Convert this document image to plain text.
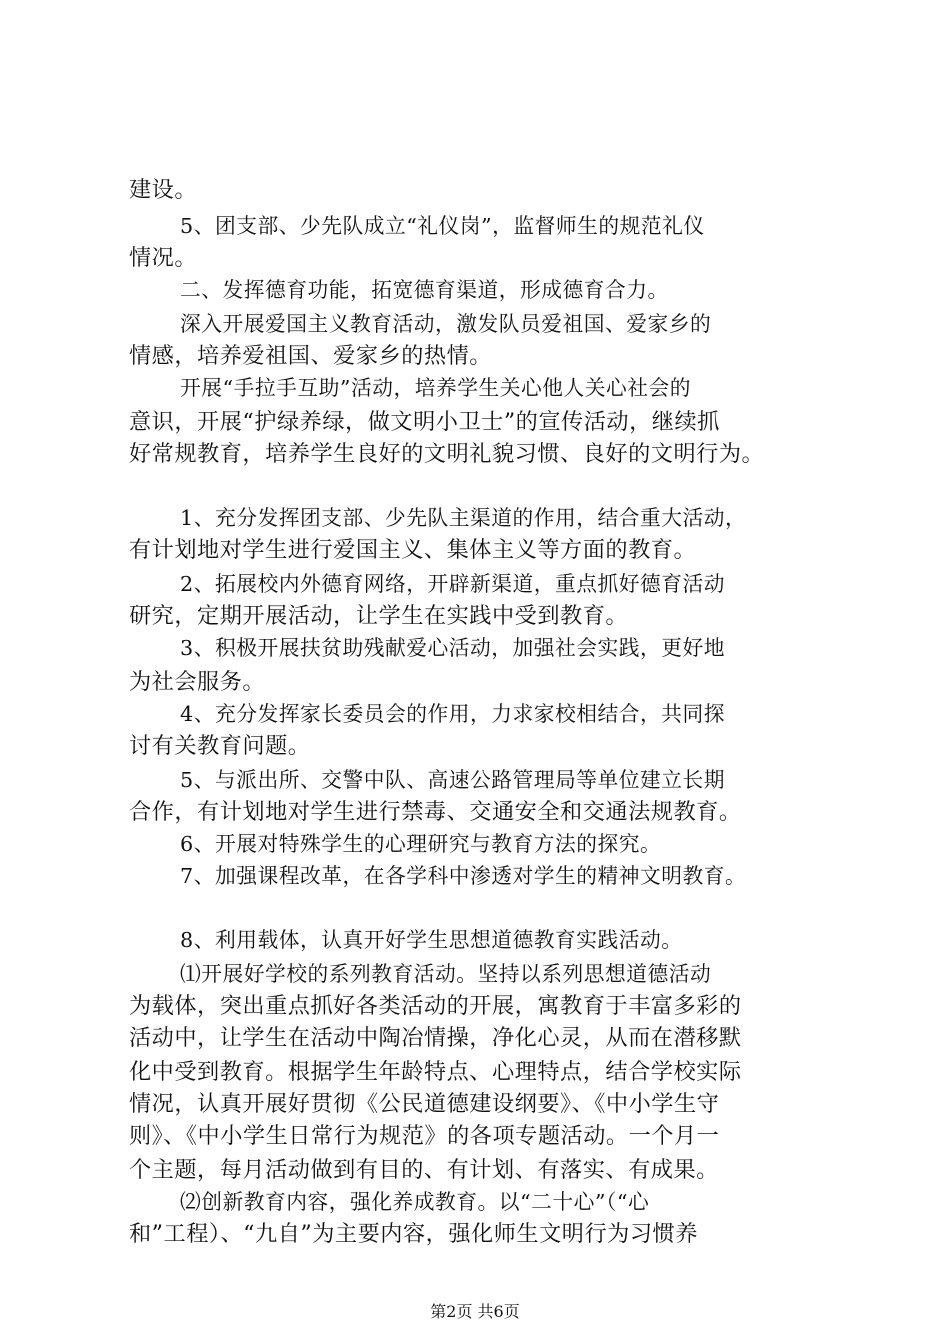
建设。
5、团支部、少先队成立“礼仪岗”，监督师生的规范礼仪
情况。
二、发挥德育功能，拓宽德育渠道，形成德育合力。
深入开展爱国主义教育活动，激发队员爱祖国、爱家乡的
情感，培养爱祖国、爱家乡的热情。
开展“手拉手互助”活动，培养学生关心他人关心社会的
意识，开展“护绿养绿，做文明小卫士”的宣传活动，继续抓
好常规教育，培养学生良好的文明礼貌习惯、良好的文明行为。
1、充分发挥团支部、少先队主渠道的作用，结合重大活动，
有计划地对学生进行爱国主义、集体主义等方面的教育。
2、拓展校内外德育网络，开辟新渠道，重点抓好德育活动
研究，定期开展活动，让学生在实践中受到教育。
3、积极开展扶贫助残献爱心活动，加强社会实践，更好地
为社会服务。
4、充分发挥家长委员会的作用，力求家校相结合，共同探
讨有关教育问题。
5、与派出所、交警中队、高速公路管理局等单位建立长期
合作，有计划地对学生进行禁毒、交通安全和交通法规教育。
6、开展对特殊学生的心理研究与教育方法的探究。
7、加强课程改革，在各学科中渗透对学生的精神文明教育。
8、利用载体，认真开好学生思想道德教育实践活动。
⑴开展好学校的系列教育活动。坚持以系列思想道德活动
为载体，突出重点抓好各类活动的开展，寓教育于丰富多彩的
活动中，让学生在活动中陶冶情操，净化心灵，从而在潜移默
化中受到教育。根据学生年龄特点、心理特点，结合学校实际
情况，认真开展好贯彻《公民道德建设纲要》、《中小学生守
则》、《中小学生日常行为规范》的各项专题活动。一个月一
个主题，每月活动做到有目的、有计划、有落实、有成果。
⑵创新教育内容，强化养成教育。以“二十心”（“心
和”工程）、“九自”为主要内容，强化师生文明行为习惯养
第2页 共6页
